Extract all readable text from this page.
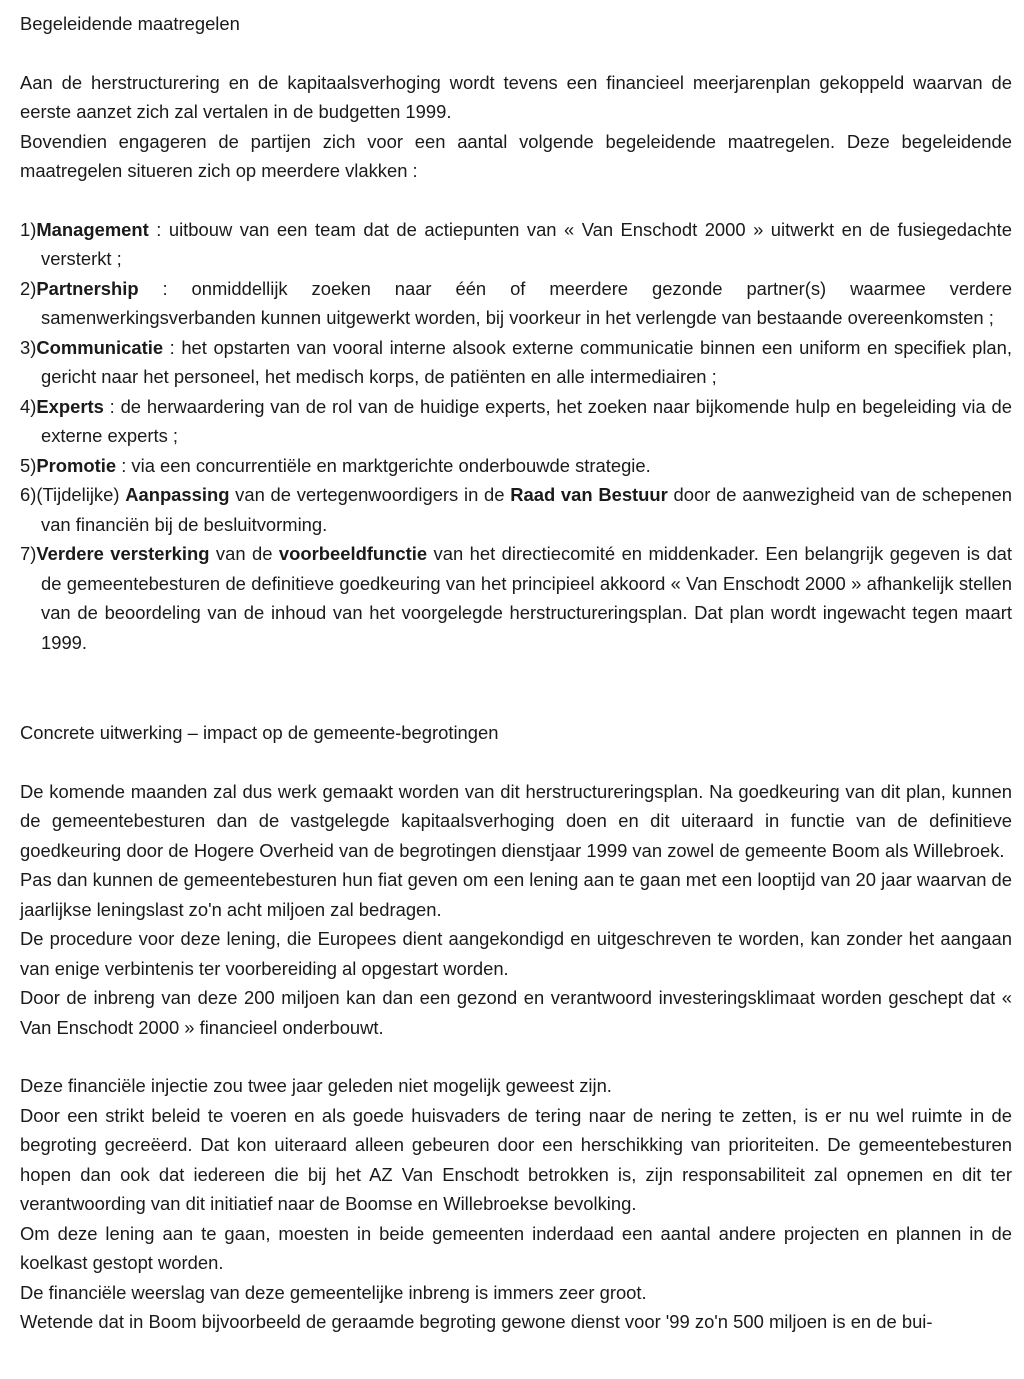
Begeleidende maatregelen

Aan de herstructurering en de kapitaalsverhoging wordt tevens een financieel meerjarenplan gekoppeld waarvan de eerste aanzet zich zal vertalen in de budgetten 1999.

Bovendien engageren de partijen zich voor een aantal volgende begeleidende maatregelen. Deze begeleidende maatregelen situeren zich op meerdere vlakken :

1)Management : uitbouw van een team dat de actiepunten van « Van Enschodt 2000 » uitwerkt en de fusiegedachte versterkt ;
2)Partnership : onmiddellijk zoeken naar één of meerdere gezonde partner(s) waarmee verdere samenwerkingsverbanden kunnen uitgewerkt worden, bij voorkeur in het verlengde van bestaande overeenkomsten ;
3)Communicatie : het opstarten van vooral interne alsook externe communicatie binnen een uniform en specifiek plan, gericht naar het personeel, het medisch korps, de patiënten en alle intermediairen ;
4)Experts : de herwaardering van de rol van de huidige experts, het zoeken naar bijkomende hulp en begeleiding via de externe experts ;
5)Promotie : via een concurrentiële en marktgerichte onderbouwde strategie.
6)(Tijdelijke) Aanpassing van de vertegenwoordigers in de Raad van Bestuur door de aanwezigheid van de schepenen van financiën bij de besluitvorming.
7)Verdere versterking van de voorbeeldfunctie van het directiecomité en middenkader. Een belangrijk gegeven is dat de gemeentebesturen de definitieve goedkeuring van het principieel akkoord « Van Enschodt 2000 » afhankelijk stellen van de beoordeling van de inhoud van het voorgelegde herstructureringsplan. Dat plan wordt ingewacht tegen maart 1999.
Concrete uitwerking – impact op de gemeente-begrotingen

De komende maanden zal dus werk gemaakt worden van dit herstructureringsplan. Na goedkeuring van dit plan, kunnen de gemeentebesturen dan de vastgelegde kapitaalsverhoging doen en dit uiteraard in functie van de definitieve goedkeuring door de Hogere Overheid van de begrotingen dienstjaar 1999 van zowel de gemeente Boom als Willebroek.

Pas dan kunnen de gemeentebesturen hun fiat geven om een lening aan te gaan met een looptijd van 20 jaar waarvan de jaarlijkse leningslast zo'n acht miljoen zal bedragen.

De procedure voor deze lening, die Europees dient aangekondigd en uitgeschreven te worden, kan zonder het aangaan van enige verbintenis ter voorbereiding al opgestart worden.

Door de inbreng van deze 200 miljoen kan dan een gezond en verantwoord investeringsklimaat worden geschept dat « Van Enschodt 2000 » financieel onderbouwt.

Deze financiële injectie zou twee jaar geleden niet mogelijk geweest zijn.

Door een strikt beleid te voeren en als goede huisvaders de tering naar de nering te zetten, is er nu wel ruimte in de begroting gecreëerd. Dat kon uiteraard alleen gebeuren door een herschikking van prioriteiten. De gemeentebesturen hopen dan ook dat iedereen die bij het AZ Van Enschodt betrokken is, zijn responsabiliteit zal opnemen en dit ter verantwoording van dit initiatief naar de Boomse en Willebroekse bevolking.

Om deze lening aan te gaan, moesten in beide gemeenten inderdaad een aantal andere projecten en plannen in de koelkast gestopt worden.

De financiële weerslag van deze gemeentelijke inbreng is immers zeer groot.

Wetende dat in Boom bijvoorbeeld de geraamde begroting gewone dienst voor '99 zo'n 500 miljoen is en de bui-
